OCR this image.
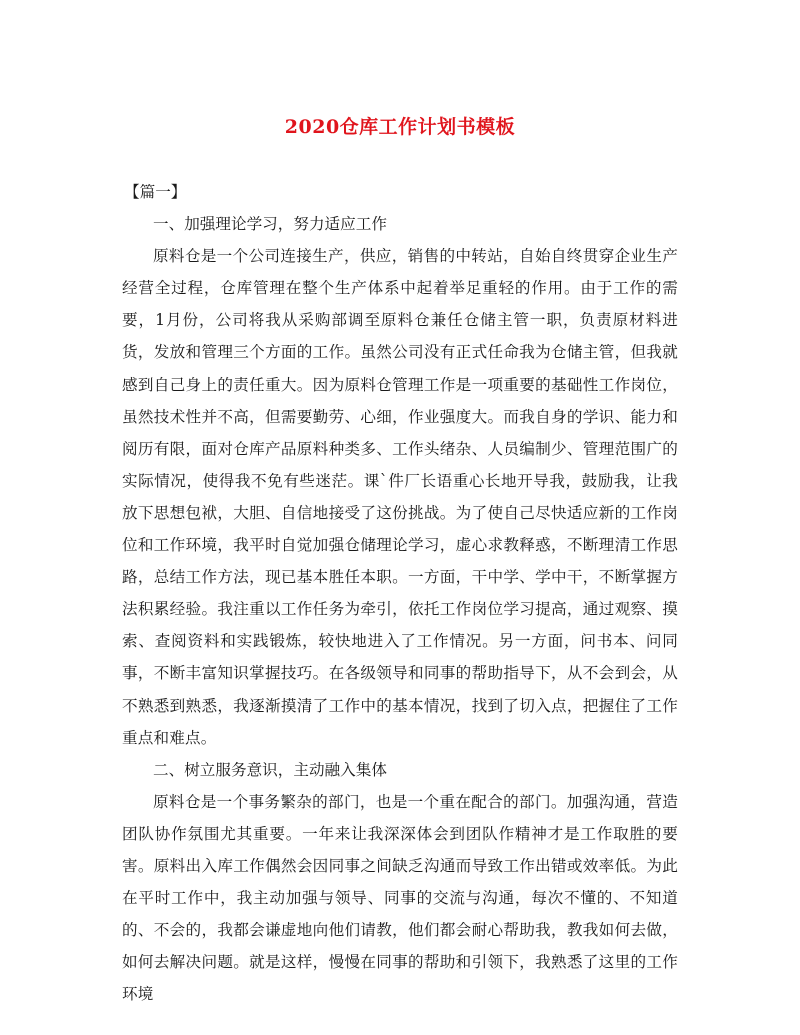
2020仓库工作计划书模板

【篇一】

一、加强理论学习，努力适应工作

原料仓是一个公司连接生产，供应，销售的中转站，自始自终贯穿企业生产经营全过程，仓库管理在整个生产体系中起着举足重轻的作用。由于工作的需要，1月份，公司将我从采购部调至原料仓兼任仓储主管一职，负责原材料进货，发放和管理三个方面的工作。虽然公司没有正式任命我为仓储主管，但我就感到自己身上的责任重大。因为原料仓管理工作是一项重要的基础性工作岗位，虽然技术性并不高，但需要勤劳、心细，作业强度大。而我自身的学识、能力和阅历有限，面对仓库产品原料种类多、工作头绪杂、人员编制少、管理范围广的实际情况，使得我不免有些迷茫。课`件厂长语重心长地开导我，鼓励我，让我放下思想包袱，大胆、自信地接受了这份挑战。为了使自己尽快适应新的工作岗位和工作环境，我平时自觉加强仓储理论学习，虚心求教释惑，不断理清工作思路，总结工作方法，现已基本胜任本职。一方面，干中学、学中干，不断掌握方法积累经验。我注重以工作任务为牵引，依托工作岗位学习提高，通过观察、摸索、查阅资料和实践锻炼，较快地进入了工作情况。另一方面，问书本、问同事，不断丰富知识掌握技巧。在各级领导和同事的帮助指导下，从不会到会，从不熟悉到熟悉，我逐渐摸清了工作中的基本情况，找到了切入点，把握住了工作重点和难点。

二、树立服务意识，主动融入集体

原料仓是一个事务繁杂的部门，也是一个重在配合的部门。加强沟通，营造团队协作氛围尤其重要。一年来让我深深体会到团队作精神才是工作取胜的要害。原料出入库工作偶然会因同事之间缺乏沟通而导致工作出错或效率低。为此在平时工作中，我主动加强与领导、同事的交流与沟通，每次不懂的、不知道的、不会的，我都会谦虚地向他们请教，他们都会耐心帮助我，教我如何去做，如何去解决问题。就是这样，慢慢在同事的帮助和引领下，我熟悉了这里的工作环境
